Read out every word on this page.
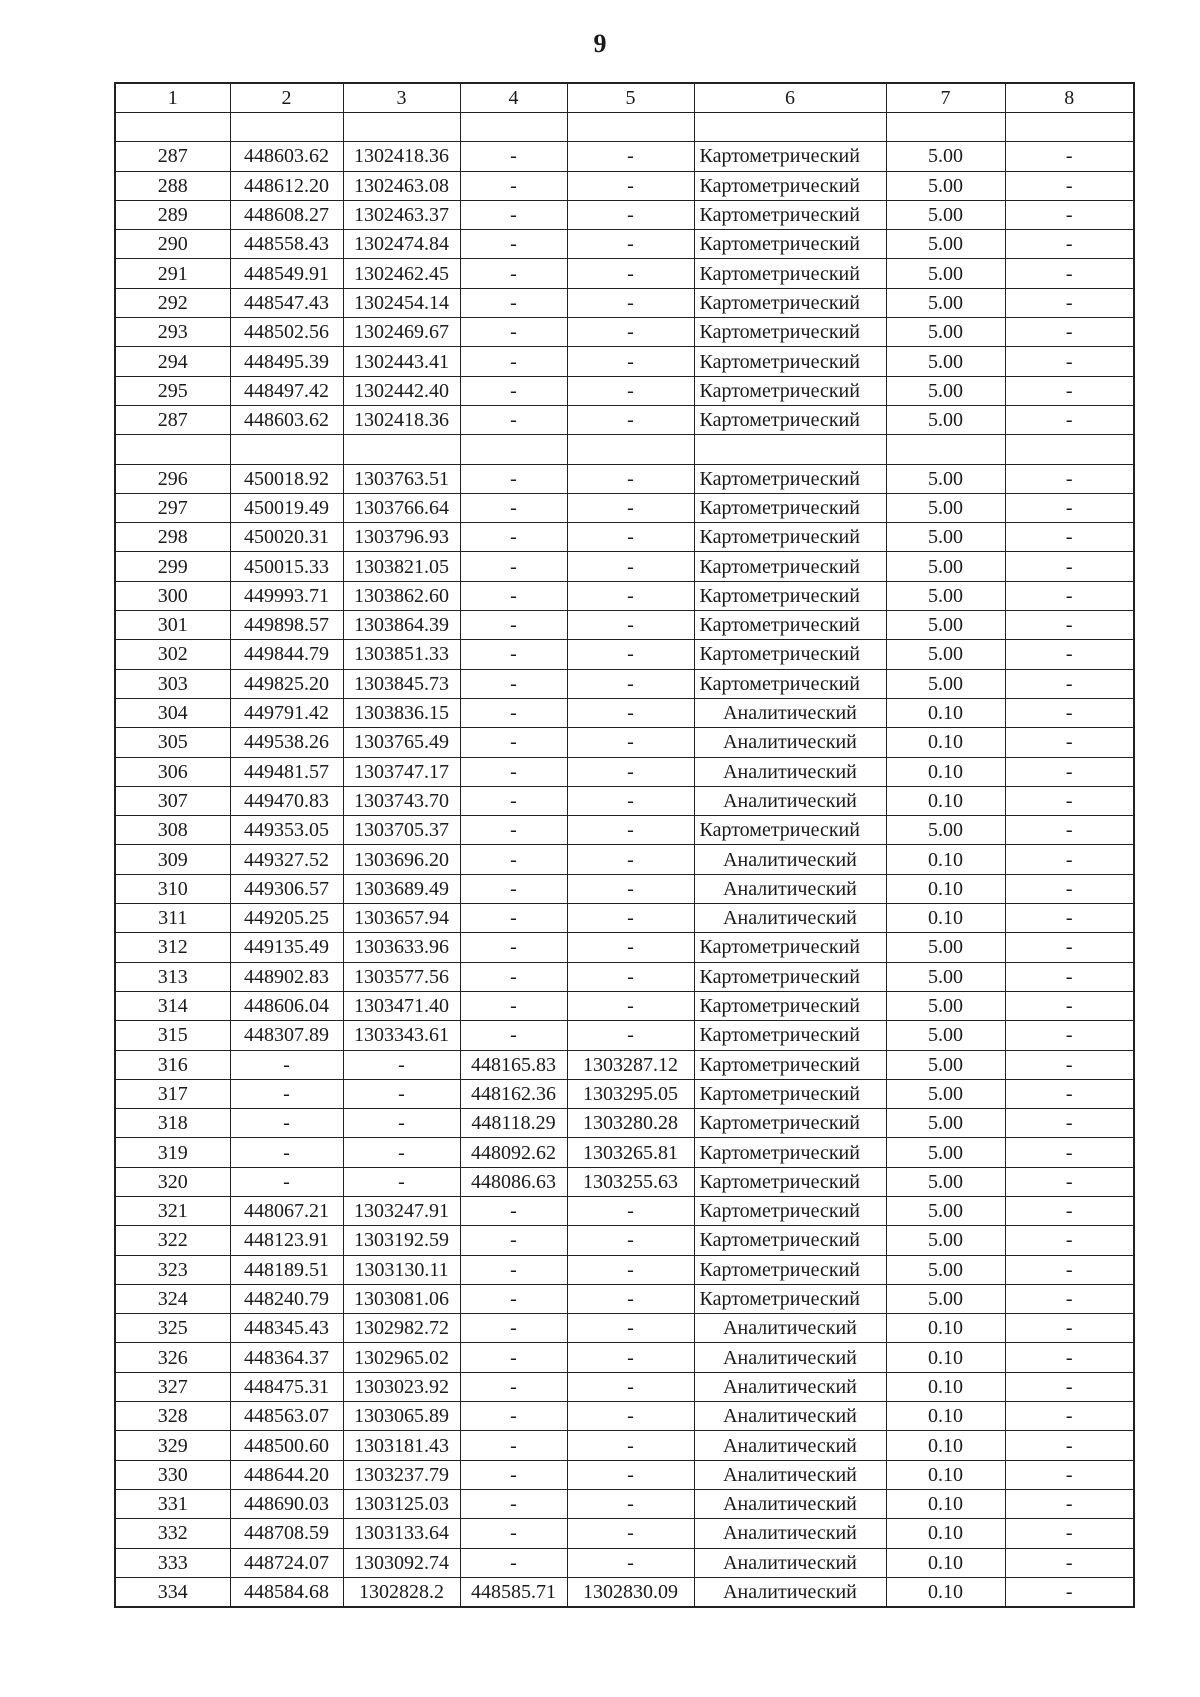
9
1	2	3	4	5	6	7	8

287	448603.62	1302418.36	-	-	Картометрический	5.00	-
288	448612.20	1302463.08	-	-	Картометрический	5.00	-
289	448608.27	1302463.37	-	-	Картометрический	5.00	-
290	448558.43	1302474.84	-	-	Картометрический	5.00	-
291	448549.91	1302462.45	-	-	Картометрический	5.00	-
292	448547.43	1302454.14	-	-	Картометрический	5.00	-
293	448502.56	1302469.67	-	-	Картометрический	5.00	-
294	448495.39	1302443.41	-	-	Картометрический	5.00	-
295	448497.42	1302442.40	-	-	Картометрический	5.00	-
287	448603.62	1302418.36	-	-	Картометрический	5.00	-

296	450018.92	1303763.51	-	-	Картометрический	5.00	-
297	450019.49	1303766.64	-	-	Картометрический	5.00	-
298	450020.31	1303796.93	-	-	Картометрический	5.00	-
299	450015.33	1303821.05	-	-	Картометрический	5.00	-
300	449993.71	1303862.60	-	-	Картометрический	5.00	-
301	449898.57	1303864.39	-	-	Картометрический	5.00	-
302	449844.79	1303851.33	-	-	Картометрический	5.00	-
303	449825.20	1303845.73	-	-	Картометрический	5.00	-
304	449791.42	1303836.15	-	-	Аналитический	0.10	-
305	449538.26	1303765.49	-	-	Аналитический	0.10	-
306	449481.57	1303747.17	-	-	Аналитический	0.10	-
307	449470.83	1303743.70	-	-	Аналитический	0.10	-
308	449353.05	1303705.37	-	-	Картометрический	5.00	-
309	449327.52	1303696.20	-	-	Аналитический	0.10	-
310	449306.57	1303689.49	-	-	Аналитический	0.10	-
311	449205.25	1303657.94	-	-	Аналитический	0.10	-
312	449135.49	1303633.96	-	-	Картометрический	5.00	-
313	448902.83	1303577.56	-	-	Картометрический	5.00	-
314	448606.04	1303471.40	-	-	Картометрический	5.00	-
315	448307.89	1303343.61	-	-	Картометрический	5.00	-
316	-	-	448165.83	1303287.12	Картометрический	5.00	-
317	-	-	448162.36	1303295.05	Картометрический	5.00	-
318	-	-	448118.29	1303280.28	Картометрический	5.00	-
319	-	-	448092.62	1303265.81	Картометрический	5.00	-
320	-	-	448086.63	1303255.63	Картометрический	5.00	-
321	448067.21	1303247.91	-	-	Картометрический	5.00	-
322	448123.91	1303192.59	-	-	Картометрический	5.00	-
323	448189.51	1303130.11	-	-	Картометрический	5.00	-
324	448240.79	1303081.06	-	-	Картометрический	5.00	-
325	448345.43	1302982.72	-	-	Аналитический	0.10	-
326	448364.37	1302965.02	-	-	Аналитический	0.10	-
327	448475.31	1303023.92	-	-	Аналитический	0.10	-
328	448563.07	1303065.89	-	-	Аналитический	0.10	-
329	448500.60	1303181.43	-	-	Аналитический	0.10	-
330	448644.20	1303237.79	-	-	Аналитический	0.10	-
331	448690.03	1303125.03	-	-	Аналитический	0.10	-
332	448708.59	1303133.64	-	-	Аналитический	0.10	-
333	448724.07	1303092.74	-	-	Аналитический	0.10	-
334	448584.68	1302828.2	448585.71	1302830.09	Аналитический	0.10	-
